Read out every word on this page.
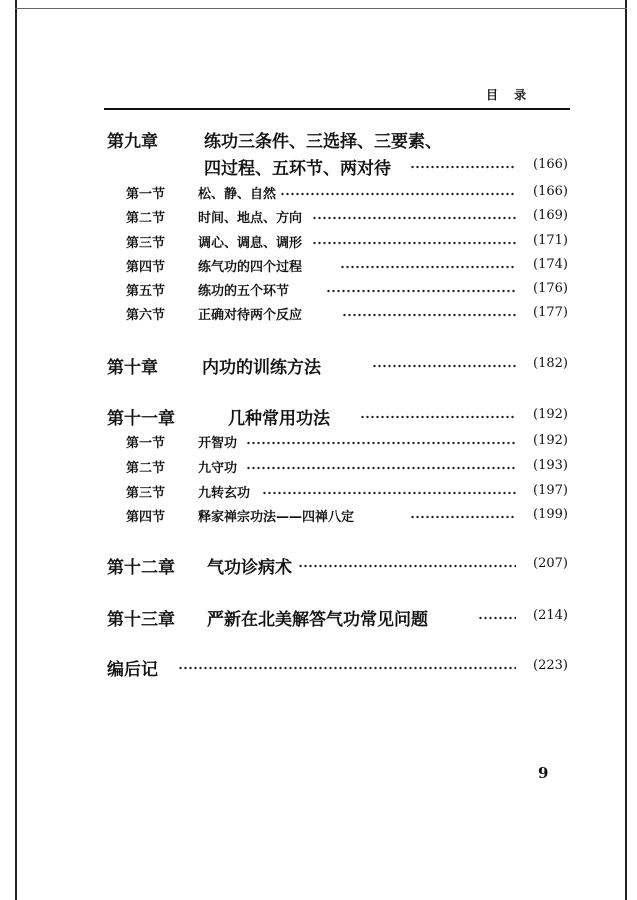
目 录
第九章	练功三条件、三选择、三要素、
四过程、五环节、两对待	(166)
第一节	松、静、自然	(166)
第二节	时间、地点、方向	(169)
第三节	调心、调息、调形	(171)
第四节	练气功的四个过程	(174)
第五节	练功的五个环节	(176)
第六节	正确对待两个反应	(177)
第十章	内功的训练方法	(182)
第十一章	几种常用功法	(192)
第一节	开智功	(192)
第二节	九守功	(193)
第三节	九转玄功	(197)
第四节	释家禅宗功法——四禅八定	(199)
第十二章 气功诊病术	(207)
第十三章 严新在北美解答气功常见问题	(214)
编后记	(223)
9
